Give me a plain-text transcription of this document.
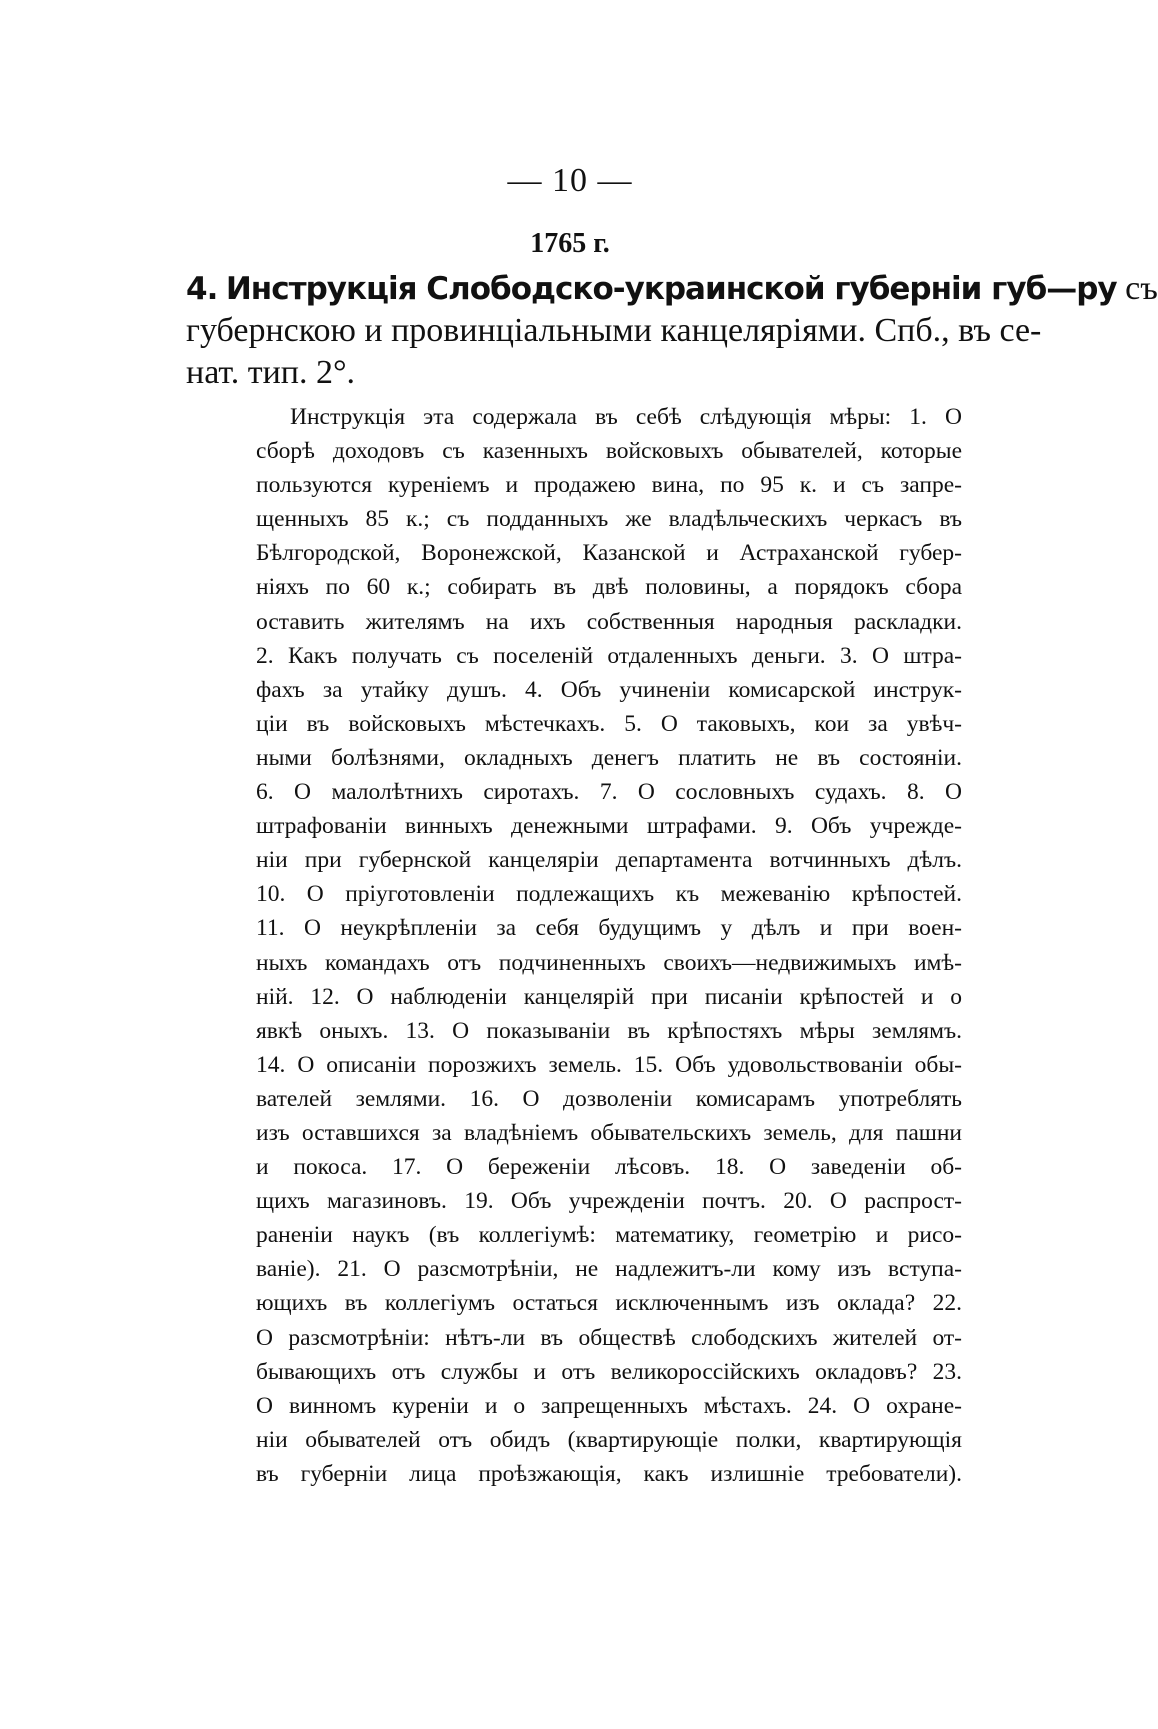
— 10 —
1765 г.
4. Инструкція Слободско-украинской губерніи губ—ру съ
губернскою и провинціальными канцеляріями. Спб., въ се-
нат. тип. 2°.
Инструкція эта содержала въ себѣ слѣдующія мѣры: 1. О
сборѣ доходовъ съ казенныхъ войсковыхъ обывателей, которые
пользуются куреніемъ и продажею вина, по 95 к. и съ запре-
щенныхъ 85 к.; съ подданныхъ же владѣльческихъ черкасъ въ
Бѣлгородской, Воронежской, Казанской и Астраханской губер-
ніяхъ по 60 к.; собирать въ двѣ половины, а порядокъ сбора
оставить жителямъ на ихъ собственныя народныя раскладки.
2. Какъ получать съ поселеній отдаленныхъ деньги. 3. О штра-
фахъ за утайку душъ. 4. Объ учиненіи комисарской инструк-
ціи въ войсковыхъ мѣстечкахъ. 5. О таковыхъ, кои за увѣч-
ными болѣзнями, окладныхъ денегъ платить не въ состояніи.
6. О малолѣтнихъ сиротахъ. 7. О сословныхъ судахъ. 8. О
штрафованіи винныхъ денежными штрафами. 9. Объ учрежде-
ніи при губернской канцеляріи департамента вотчинныхъ дѣлъ.
10. О пріуготовленіи подлежащихъ къ межеванію крѣпостей.
11. О неукрѣпленіи за себя будущимъ у дѣлъ и при воен-
ныхъ командахъ отъ подчиненныхъ своихъ—недвижимыхъ имѣ-
ній. 12. О наблюденіи канцелярій при писаніи крѣпостей и о
явкѣ оныхъ. 13. О показываніи въ крѣпостяхъ мѣры землямъ.
14. О описаніи порозжихъ земель. 15. Объ удовольствованіи обы-
вателей землями. 16. О дозволеніи комисарамъ употреблять
изъ оставшихся за владѣніемъ обывательскихъ земель, для пашни
и покоса. 17. О береженіи лѣсовъ. 18. О заведеніи об-
щихъ магазиновъ. 19. Объ учрежденіи почтъ. 20. О распрост-
раненіи наукъ (въ коллегіумѣ: математику, геометрію и рисо-
ваніе). 21. О разсмотрѣніи, не надлежитъ-ли кому изъ вступа-
ющихъ въ коллегіумъ остаться исключеннымъ изъ оклада? 22.
О разсмотрѣніи: нѣтъ-ли въ обществѣ слободскихъ жителей от-
бывающихъ отъ службы и отъ великороссійскихъ окладовъ? 23.
О винномъ куреніи и о запрещенныхъ мѣстахъ. 24. О охране-
ніи обывателей отъ обидъ (квартирующіе полки, квартирующія
въ губерніи лица проѣзжающія, какъ излишніе требователи).
